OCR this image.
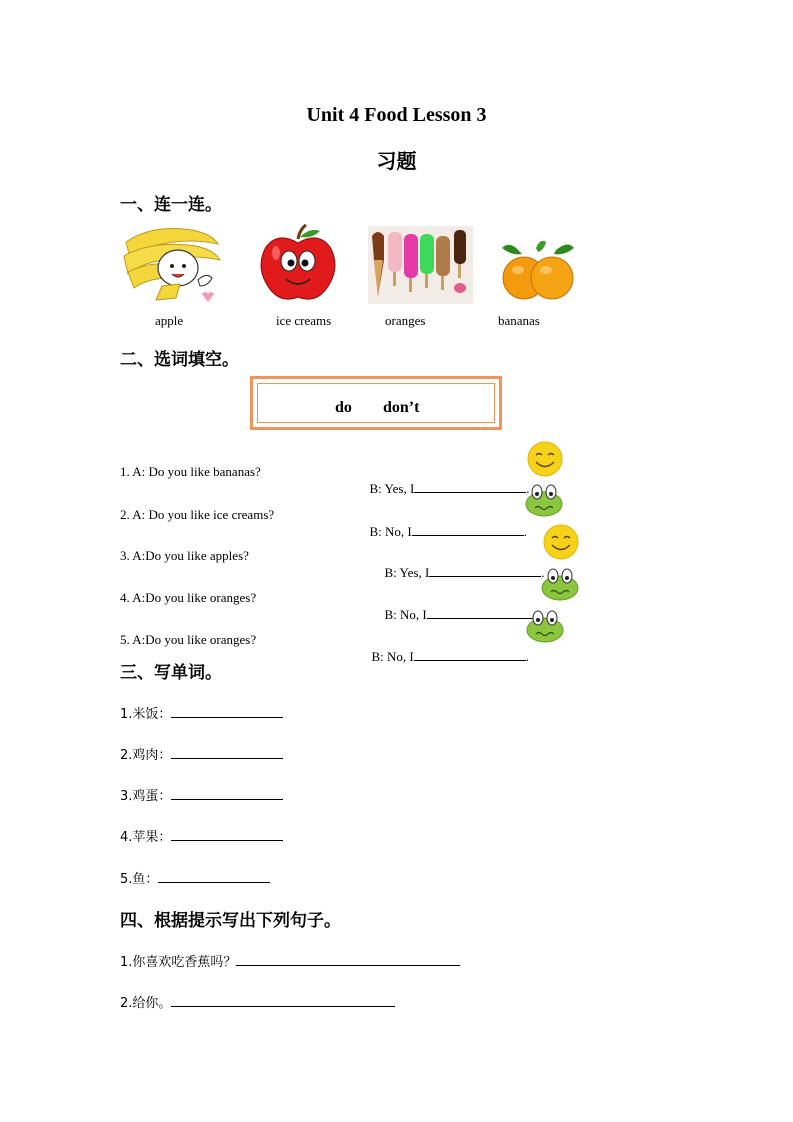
Unit 4 Food Lesson 3
习题
一、连一连。
apple	ice creams	oranges	bananas
二、选词填空。
do don’t
1. A: Do you like bananas?

B: Yes, I	.

2. A: Do you like ice creams?

B: No, I	.

3. A:Do you like apples?

B: Yes, I	.

4. A:Do you like oranges?

B: No, I

5. A:Do you like oranges?

B: No, I	.

三、写单词。
1.米饭：
2.鸡肉：
3.鸡蛋：
4.苹果：
5.鱼：
四、根据提示写出下列句子。
1.你喜欢吃香蕉吗？
2.给你。
